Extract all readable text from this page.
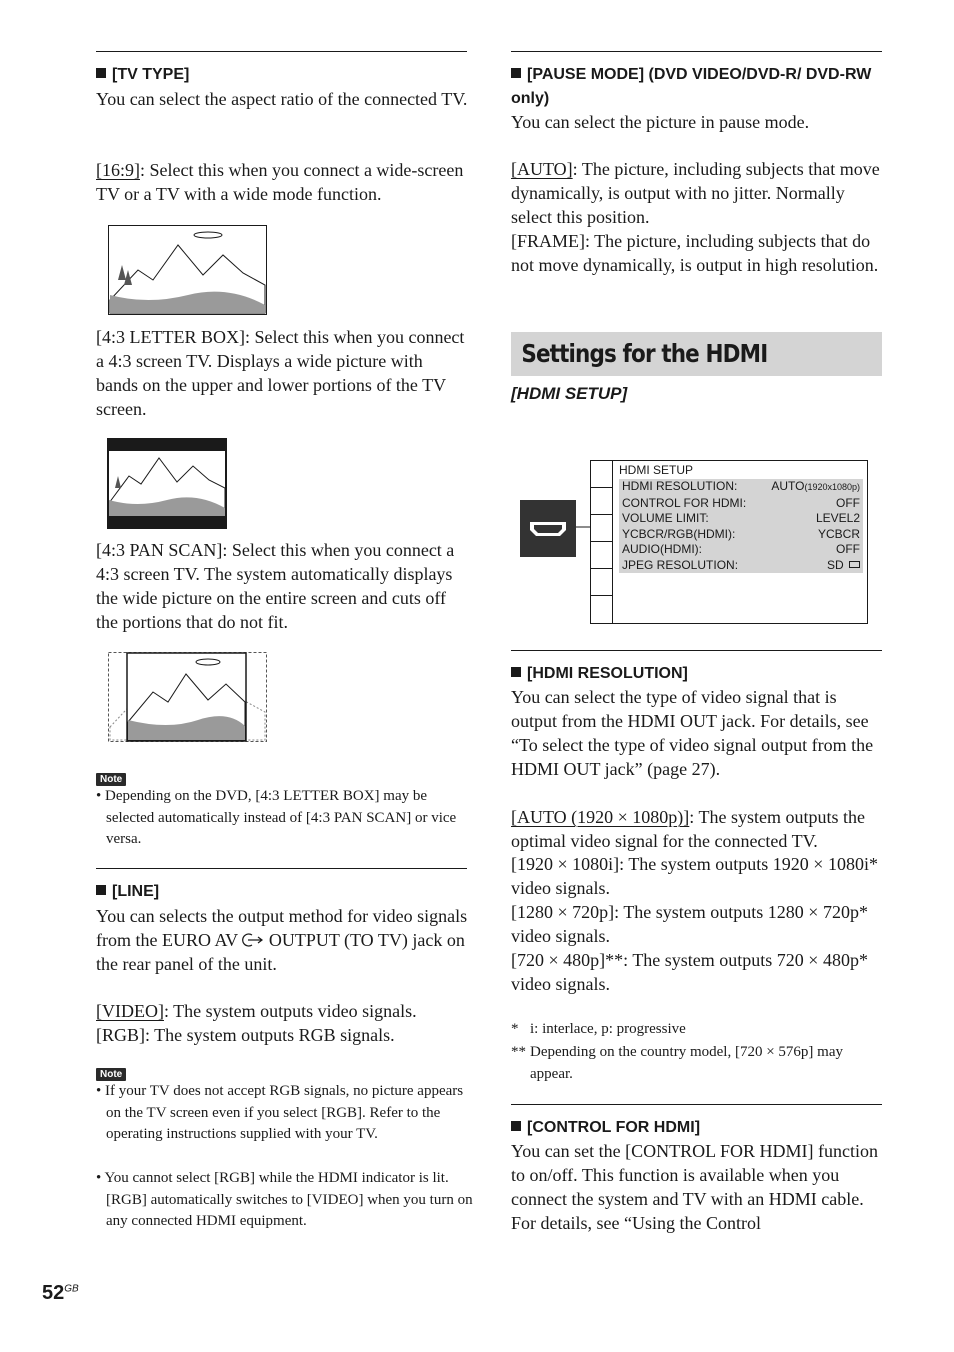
[TV TYPE]
You can select the aspect ratio of the connected TV.
[16:9]: Select this when you connect a wide-screen TV or a TV with a wide mode function.
[4:3 LETTER BOX]: Select this when you connect a 4:3 screen TV. Displays a wide picture with bands on the upper and lower portions of the TV screen.
[4:3 PAN SCAN]: Select this when you connect a 4:3 screen TV. The system automatically displays the wide picture on the entire screen and cuts off the portions that do not fit.
Note
• Depending on the DVD, [4:3 LETTER BOX] may be selected automatically instead of [4:3 PAN SCAN] or vice versa.
[LINE]
You can selects the output method for video signals from the EURO AV OUTPUT (TO TV) jack on the rear panel of the unit.
[VIDEO]: The system outputs video signals.
[RGB]: The system outputs RGB signals.
Note
• If your TV does not accept RGB signals, no picture appears on the TV screen even if you select [RGB]. Refer to the operating instructions supplied with your TV.
• You cannot select [RGB] while the HDMI indicator is lit. [RGB] automatically switches to [VIDEO] when you turn on any connected HDMI equipment.
[PAUSE MODE] (DVD VIDEO/DVD-R/ DVD-RW only)
You can select the picture in pause mode.
[AUTO]: The picture, including subjects that move dynamically, is output with no jitter. Normally select this position.
[FRAME]: The picture, including subjects that do not move dynamically, is output in high resolution.
Settings for the HDMI
[HDMI SETUP]
HDMI SETUP
HDMI RESOLUTION:	AUTO(1920x1080p)
CONTROL FOR HDMI:	OFF
VOLUME LIMIT:	LEVEL2
YCBCR/RGB(HDMI):	YCBCR
AUDIO(HDMI):	OFF
JPEG RESOLUTION:	SD
[HDMI RESOLUTION]
You can select the type of video signal that is output from the HDMI OUT jack. For details, see “To select the type of video signal output from the HDMI OUT jack” (page 27).
[AUTO (1920 × 1080p)]: The system outputs the optimal video signal for the connected TV.
[1920 × 1080i]: The system outputs 1920 × 1080i* video signals.
[1280 × 720p]: The system outputs 1280 × 720p* video signals.
[720 × 480p]**: The system outputs 720 × 480p* video signals.
* i: interlace, p: progressive
** Depending on the country model, [720 × 576p] may appear.
[CONTROL FOR HDMI]
You can set the [CONTROL FOR HDMI] function to on/off. This function is available when you connect the system and TV with an HDMI cable. For details, see “Using the Control
$52^{GB}$
